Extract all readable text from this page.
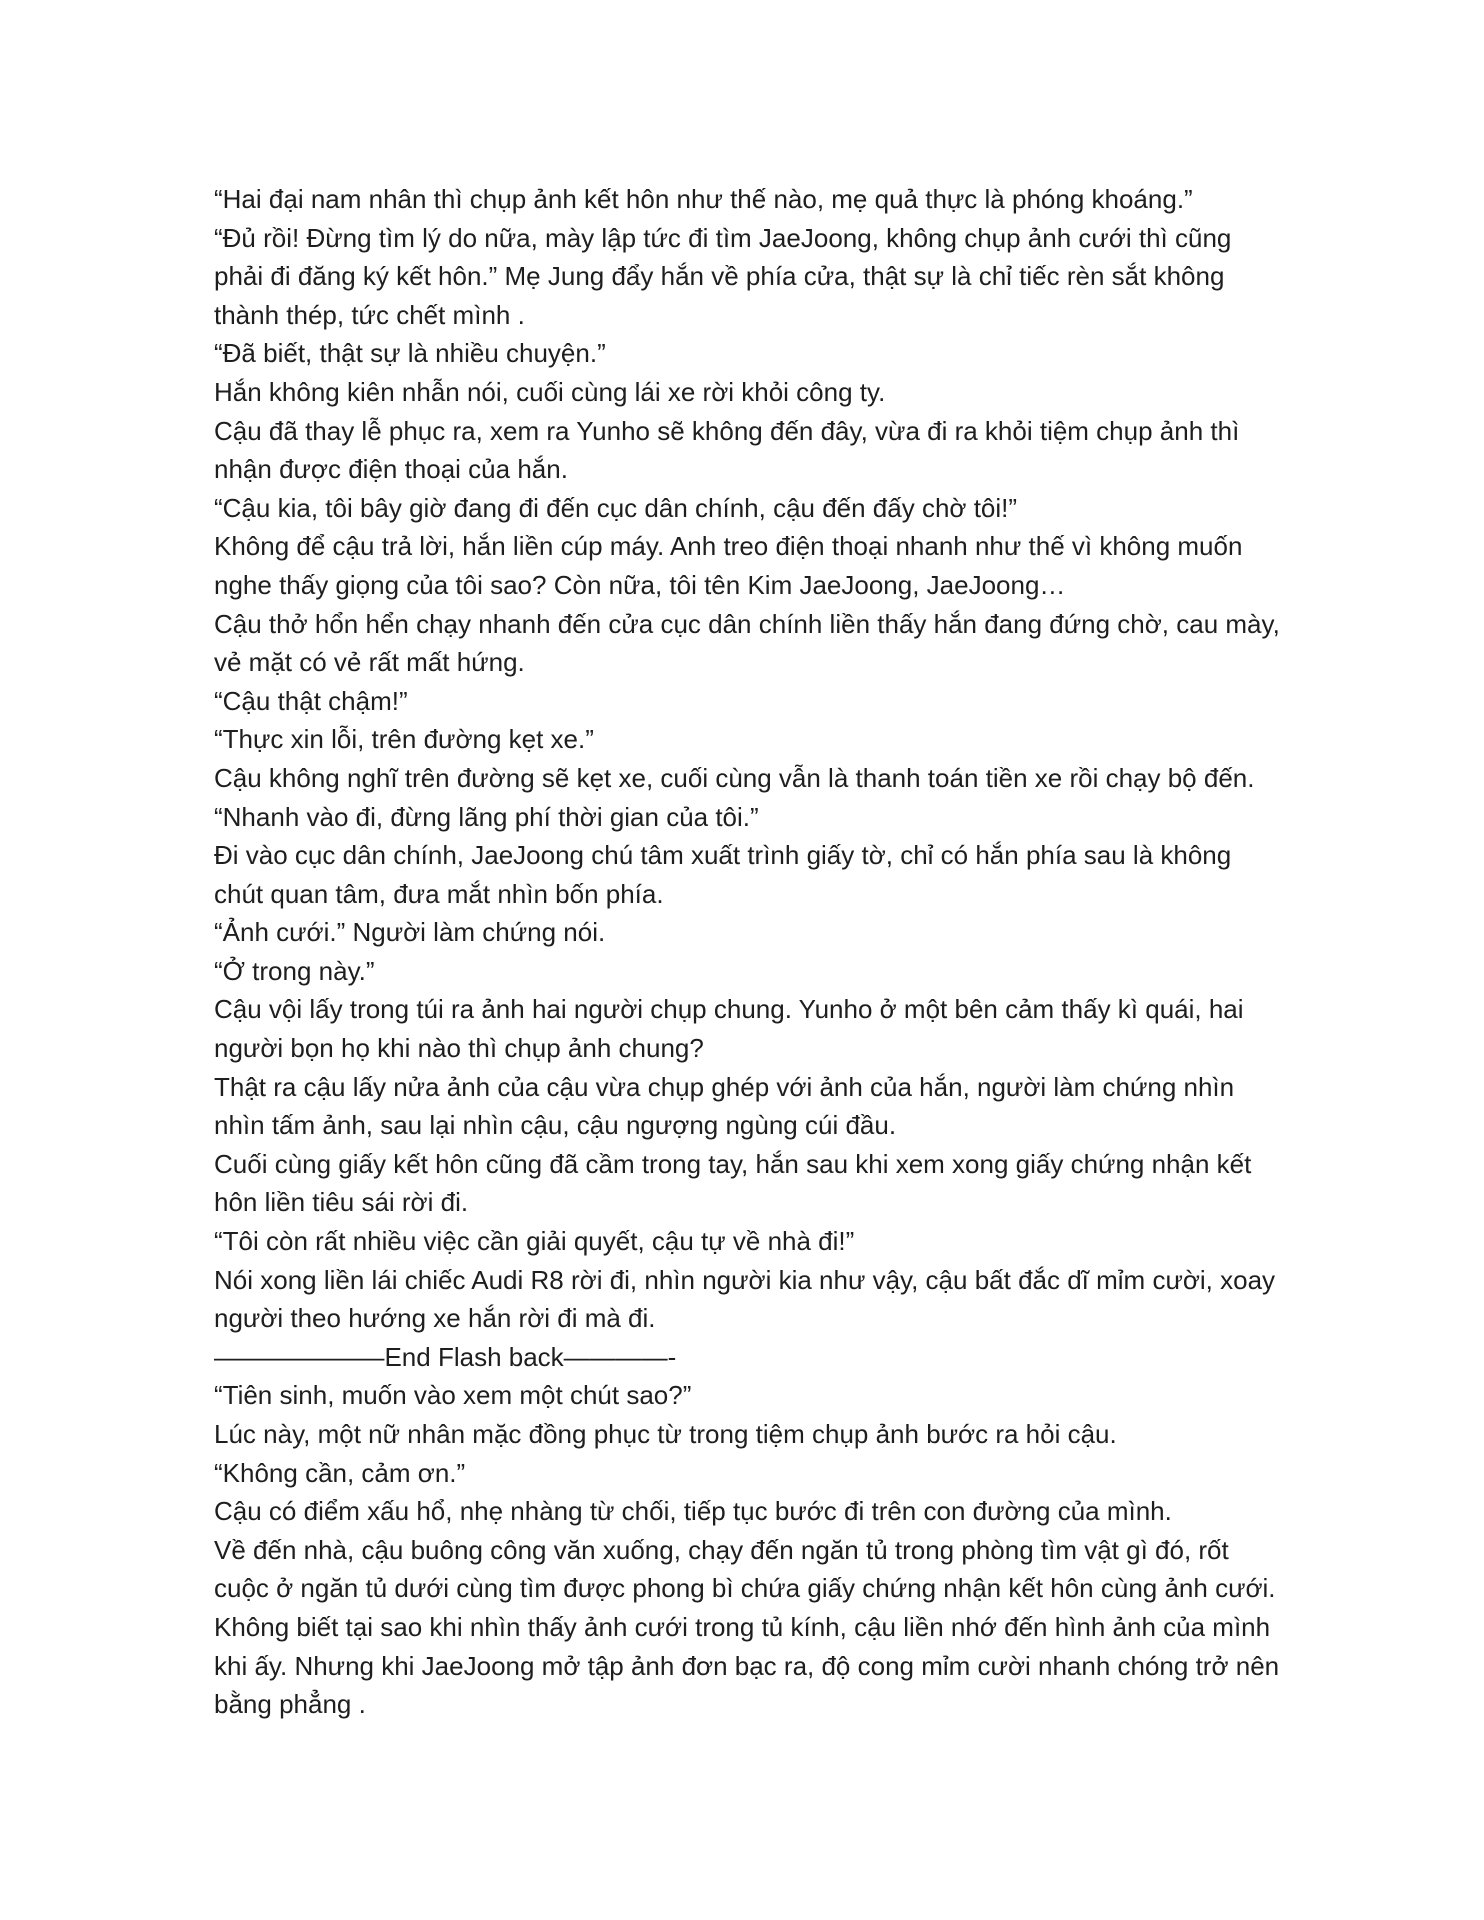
“Hai đại nam nhân thì chụp ảnh kết hôn như thế nào, mẹ quả thực là phóng khoáng.”

“Đủ rồi! Đừng tìm lý do nữa, mày lập tức đi tìm JaeJoong, không chụp ảnh cưới thì cũng phải đi đăng ký kết hôn.” Mẹ Jung đẩy hắn về phía cửa, thật sự là chỉ tiếc rèn sắt không thành thép, tức chết mình .

“Đã biết, thật sự là nhiều chuyện.”

Hắn không kiên nhẫn nói, cuối cùng lái xe rời khỏi công ty.

Cậu đã thay lễ phục ra, xem ra Yunho sẽ không đến đây, vừa đi ra khỏi tiệm chụp ảnh thì nhận được điện thoại của hắn.

“Cậu kia, tôi bây giờ đang đi đến cục dân chính, cậu đến đấy chờ tôi!”

Không để cậu trả lời, hắn liền cúp máy. Anh treo điện thoại nhanh như thế vì không muốn nghe thấy giọng của tôi sao? Còn nữa, tôi tên Kim JaeJoong, JaeJoong…

Cậu thở hổn hển chạy nhanh đến cửa cục dân chính liền thấy hắn đang đứng chờ, cau mày, vẻ mặt có vẻ rất mất hứng.

“Cậu thật chậm!”

“Thực xin lỗi, trên đường kẹt xe.”

Cậu không nghĩ trên đường sẽ kẹt xe, cuối cùng vẫn là thanh toán tiền xe rồi chạy bộ đến.

“Nhanh vào đi, đừng lãng phí thời gian của tôi.”

Đi vào cục dân chính, JaeJoong chú tâm xuất trình giấy tờ, chỉ có hắn phía sau là không chút quan tâm, đưa mắt nhìn bốn phía.

“Ảnh cưới.” Người làm chứng nói.

“Ở trong này.”

Cậu vội lấy trong túi ra ảnh hai người chụp chung. Yunho ở một bên cảm thấy kì quái, hai người bọn họ khi nào thì chụp ảnh chung?

Thật ra cậu lấy nửa ảnh của cậu vừa chụp ghép với ảnh của hắn, người làm chứng nhìn nhìn tấm ảnh, sau lại nhìn cậu, cậu ngượng ngùng cúi đầu.

Cuối cùng giấy kết hôn cũng đã cầm trong tay, hắn sau khi xem xong giấy chứng nhận kết hôn liền tiêu sái rời đi.

“Tôi còn rất nhiều việc cần giải quyết, cậu tự về nhà đi!”

Nói xong liền lái chiếc Audi R8 rời đi, nhìn người kia như vậy, cậu bất đắc dĩ mỉm cười, xoay người theo hướng xe hắn rời đi mà đi.

——————–End Flash back————-

“Tiên sinh, muốn vào xem một chút sao?”

Lúc này, một nữ nhân mặc đồng phục từ trong tiệm chụp ảnh bước ra hỏi cậu.

“Không cần, cảm ơn.”

Cậu có điểm xấu hổ, nhẹ nhàng từ chối, tiếp tục bước đi trên con đường của mình.

Về đến nhà, cậu buông công văn xuống, chạy đến ngăn tủ trong phòng tìm vật gì đó, rốt cuộc ở ngăn tủ dưới cùng tìm được phong bì chứa giấy chứng nhận kết hôn cùng ảnh cưới.

Không biết tại sao khi nhìn thấy ảnh cưới trong tủ kính, cậu liền nhớ đến hình ảnh của mình khi ấy. Nhưng khi JaeJoong mở tập ảnh đơn bạc ra, độ cong mỉm cười nhanh chóng trở nên bằng phẳng .
